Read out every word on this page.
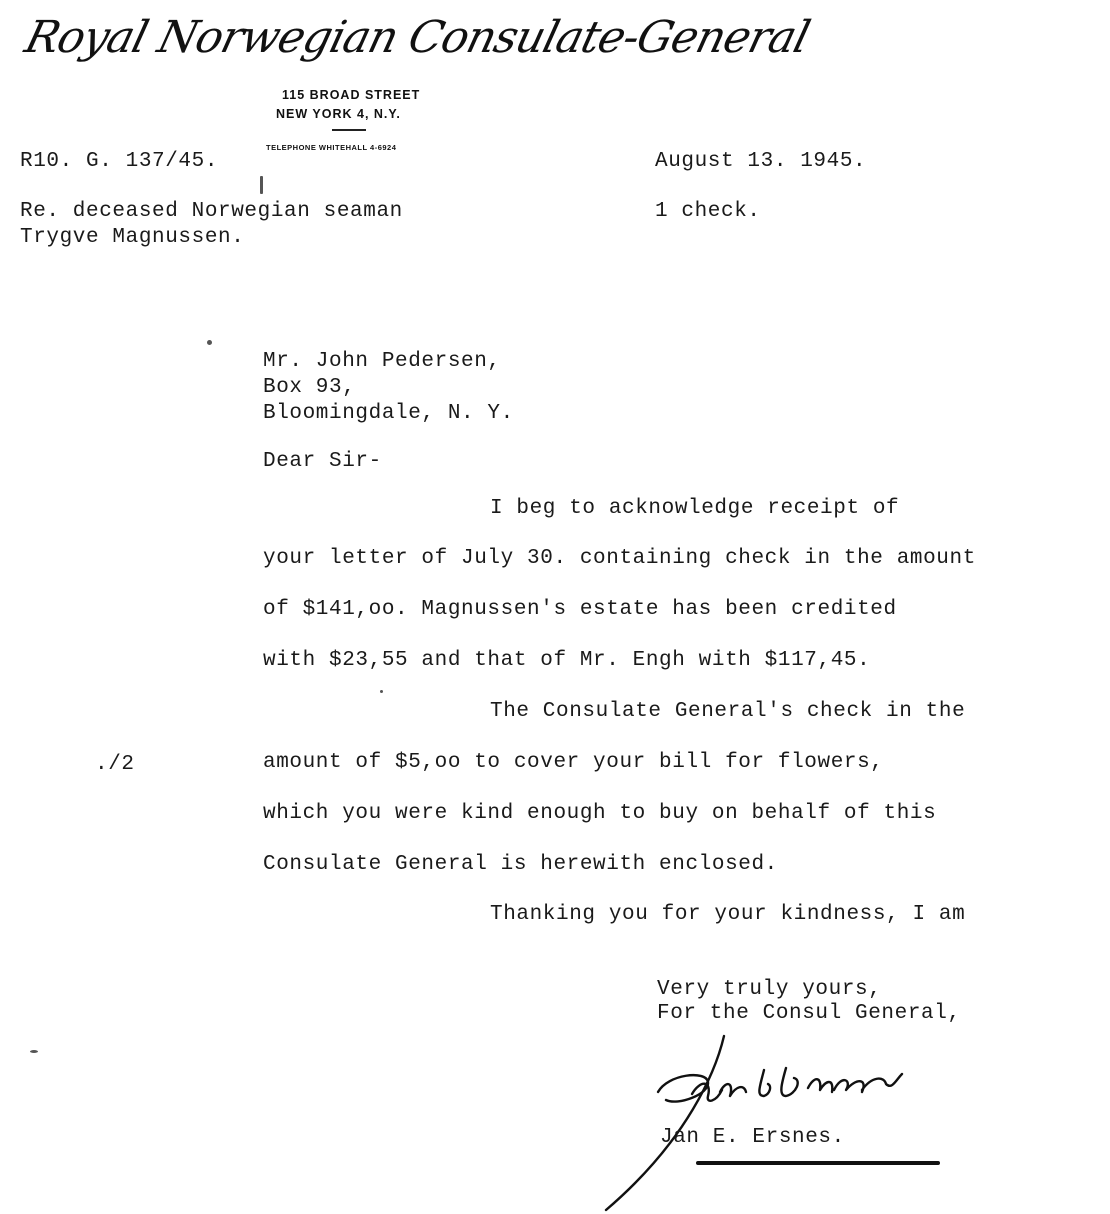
Royal Norwegian Consulate-General
115 BROAD STREET
NEW YORK 4, N.Y.
TELEPHONE WHITEHALL 4-6924
R10. G. 137/45.	August 13. 1945.
Re. deceased Norwegian seaman
Trygve Magnussen.
1 check.
Mr. John Pedersen,
Box 93,
Bloomingdale, N. Y.
Dear Sir-
I beg to acknowledge receipt of
your letter of July 30. containing check in the amount
of $141,oo. Magnussen's estate has been credited
with $23,55 and that of Mr. Engh with $117,45.
The Consulate General's check in the
amount of $5,oo to cover your bill for flowers,
which you were kind enough to buy on behalf of this
Consulate General is herewith enclosed.
Thanking you for your kindness, I am
./2
Very truly yours,
For the Consul General,
Jan E. Ersnes.
